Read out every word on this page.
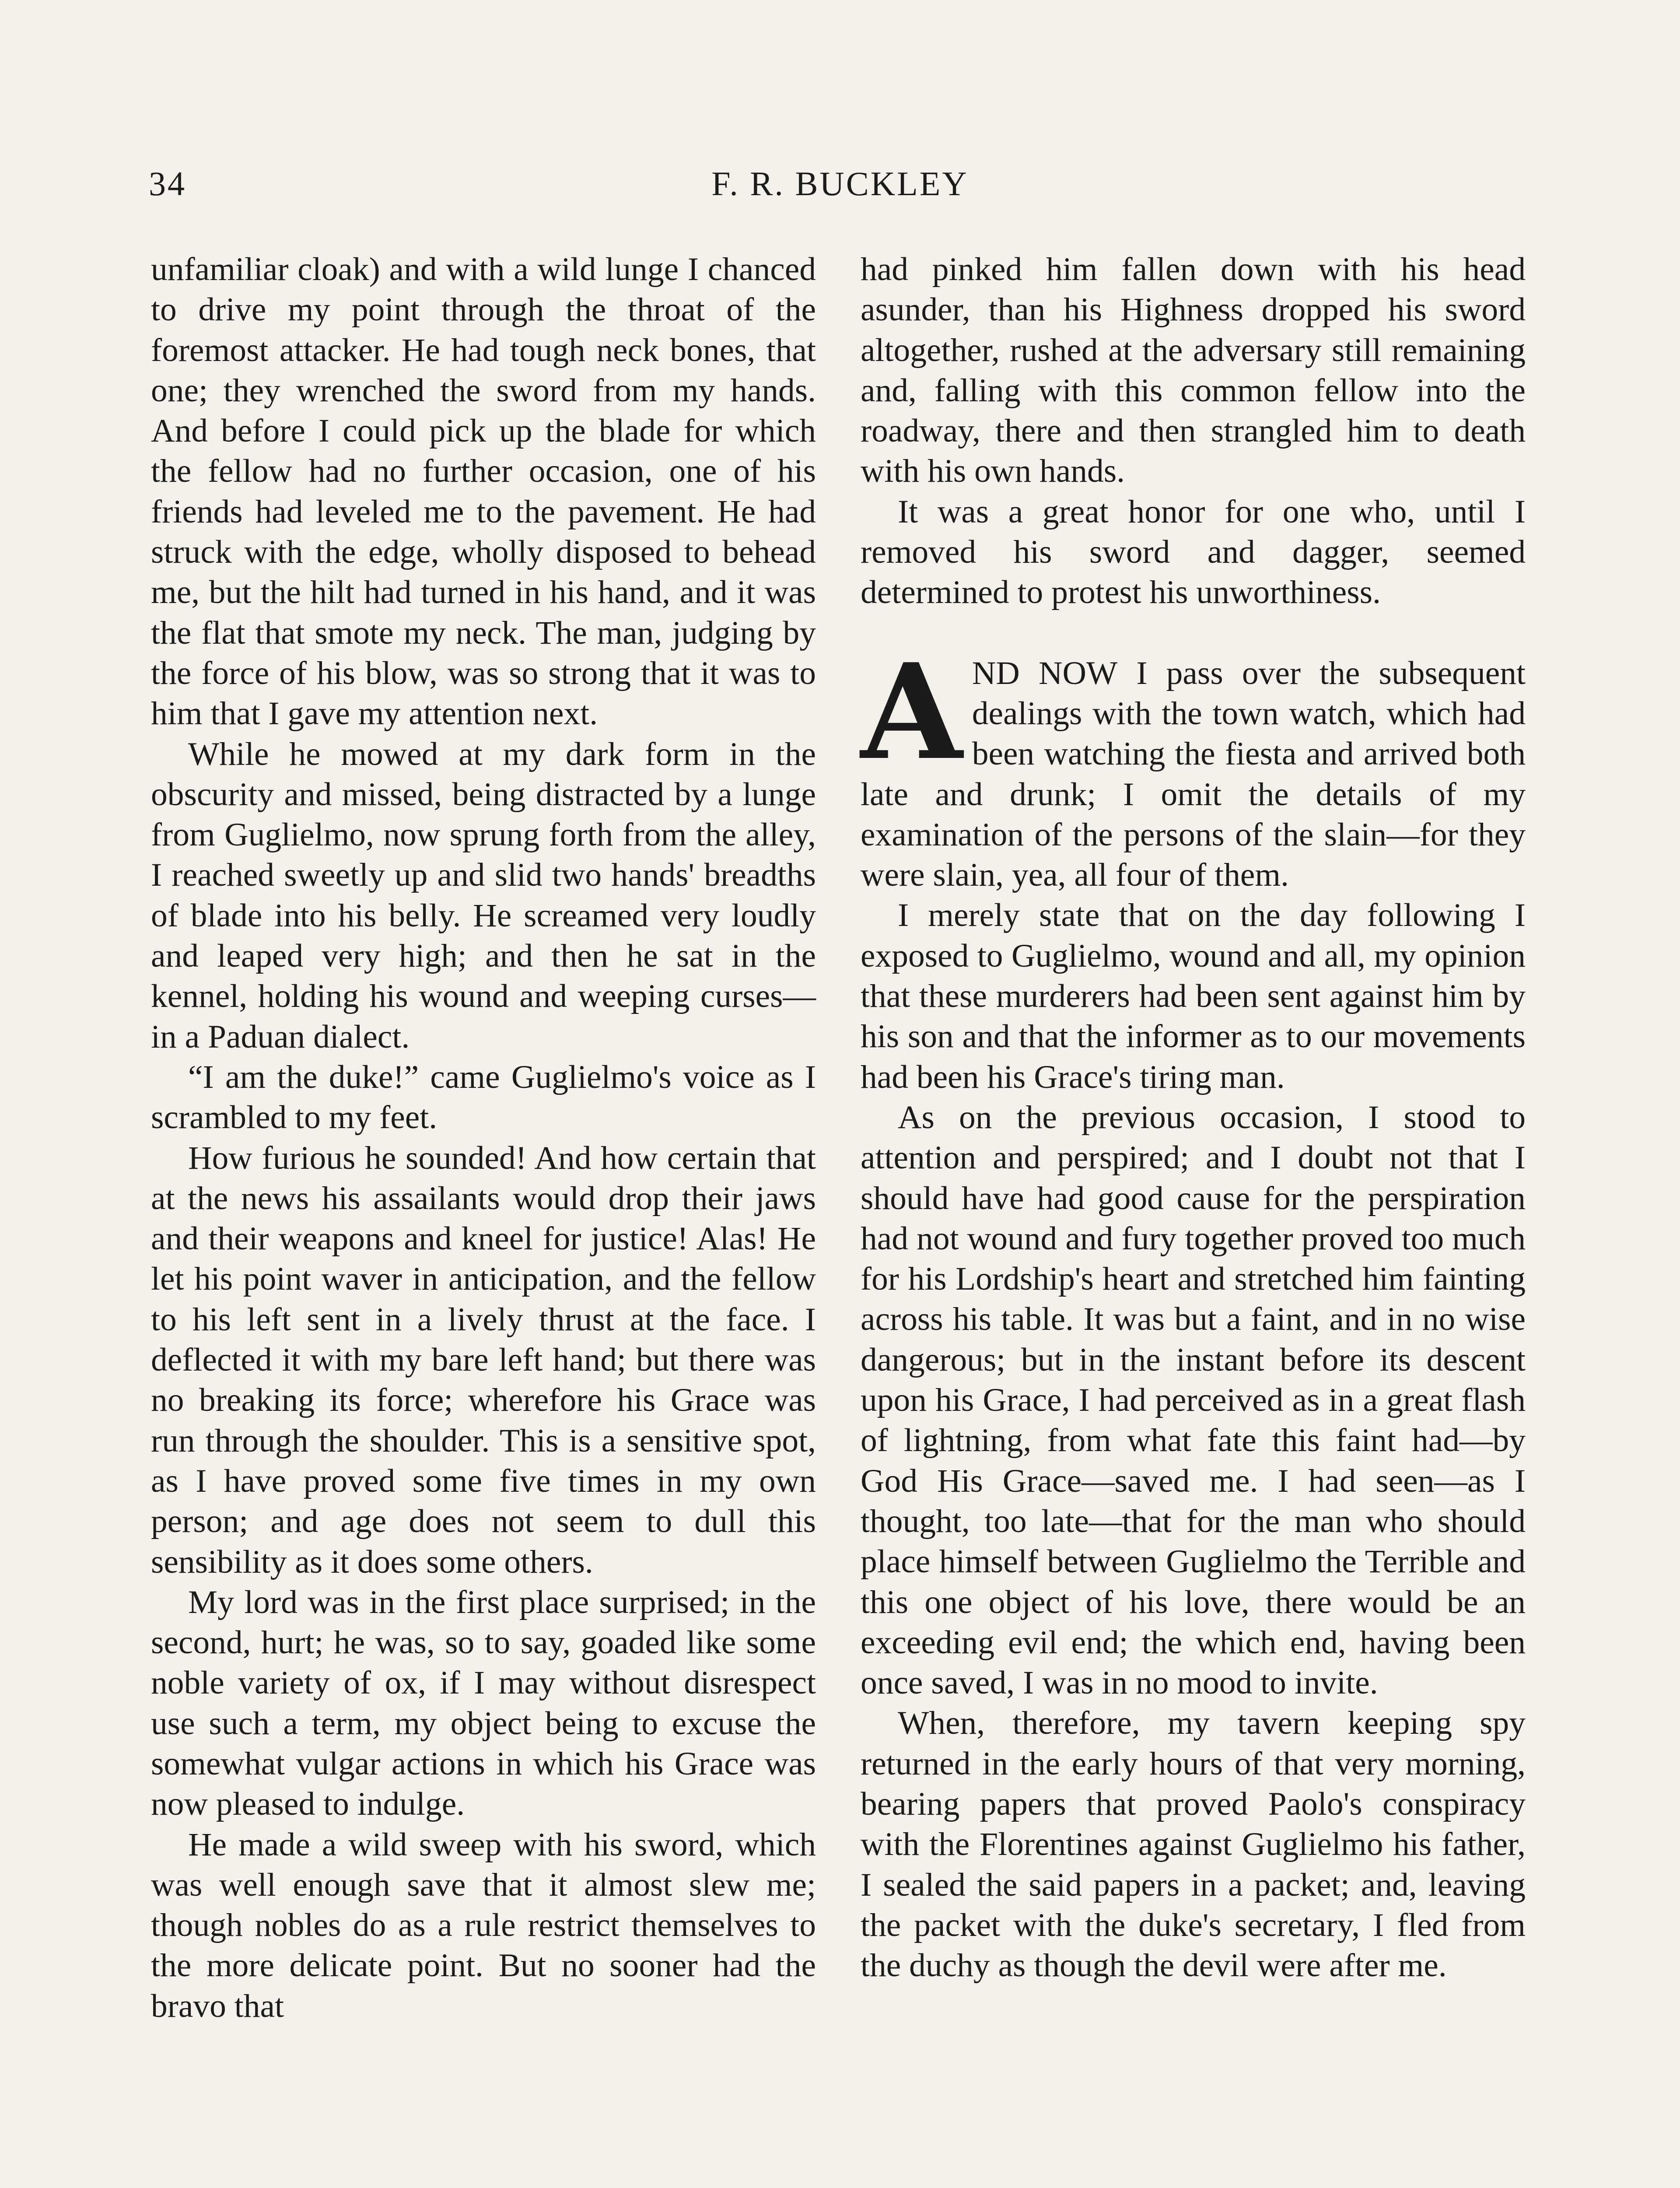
34	F. R. BUCKLEY

unfamiliar cloak) and with a wild lunge I chanced to drive my point through the throat of the foremost attacker. He had tough neck bones, that one; they wrenched the sword from my hands. And before I could pick up the blade for which the fellow had no further occasion, one of his friends had leveled me to the pavement. He had struck with the edge, wholly disposed to behead me, but the hilt had turned in his hand, and it was the flat that smote my neck. The man, judging by the force of his blow, was so strong that it was to him that I gave my attention next.

While he mowed at my dark form in the obscurity and missed, being distracted by a lunge from Guglielmo, now sprung forth from the alley, I reached sweetly up and slid two hands' breadths of blade into his belly. He screamed very loudly and leaped very high; and then he sat in the kennel, holding his wound and weeping curses—in a Paduan dialect.

“I am the duke!” came Guglielmo's voice as I scrambled to my feet.

How furious he sounded! And how certain that at the news his assailants would drop their jaws and their weapons and kneel for justice! Alas! He let his point waver in anticipation, and the fellow to his left sent in a lively thrust at the face. I deflected it with my bare left hand; but there was no breaking its force; wherefore his Grace was run through the shoulder. This is a sensitive spot, as I have proved some five times in my own person; and age does not seem to dull this sensibility as it does some others.

My lord was in the first place surprised; in the second, hurt; he was, so to say, goaded like some noble variety of ox, if I may without disrespect use such a term, my object being to excuse the somewhat vulgar actions in which his Grace was now pleased to indulge.

He made a wild sweep with his sword, which was well enough save that it almost slew me; though nobles do as a rule restrict themselves to the more delicate point. But no sooner had the bravo that

had pinked him fallen down with his head asunder, than his Highness dropped his sword altogether, rushed at the adversary still remaining and, falling with this common fellow into the roadway, there and then strangled him to death with his own hands.

It was a great honor for one who, until I removed his sword and dagger, seemed determined to protest his unworthiness.

AND NOW I pass over the subsequent dealings with the town watch, which had been watching the fiesta and arrived both late and drunk; I omit the details of my examination of the persons of the slain—for they were slain, yea, all four of them.

I merely state that on the day following I exposed to Guglielmo, wound and all, my opinion that these murderers had been sent against him by his son and that the informer as to our movements had been his Grace's tiring man.

As on the previous occasion, I stood to attention and perspired; and I doubt not that I should have had good cause for the perspiration had not wound and fury together proved too much for his Lordship's heart and stretched him fainting across his table. It was but a faint, and in no wise dangerous; but in the instant before its descent upon his Grace, I had perceived as in a great flash of lightning, from what fate this faint had—by God His Grace—saved me. I had seen—as I thought, too late—that for the man who should place himself between Guglielmo the Terrible and this one object of his love, there would be an exceeding evil end; the which end, having been once saved, I was in no mood to invite.

When, therefore, my tavern keeping spy returned in the early hours of that very morning, bearing papers that proved Paolo's conspiracy with the Florentines against Guglielmo his father, I sealed the said papers in a packet; and, leaving the packet with the duke's secretary, I fled from the duchy as though the devil were after me.
